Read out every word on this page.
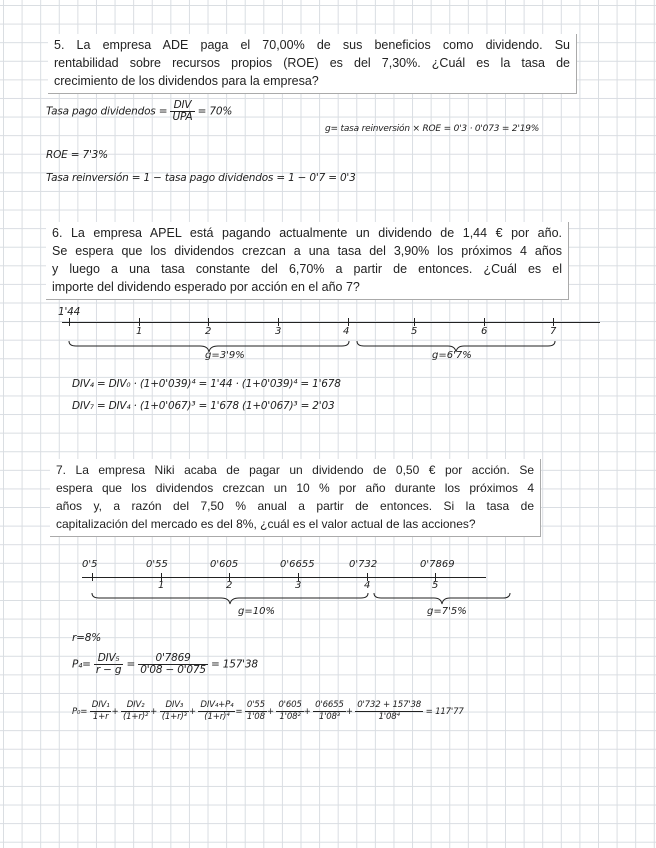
5. La empresa ADE paga el 70,00% de sus beneficios como dividendo. Su
rentabilidad sobre recursos propios (ROE) es del 7,30%. ¿Cuál es la tasa de
crecimiento de los dividendos para la empresa?
Tasa pago dividendos = $\frac{\text{DIV}}{\text{UPA}} = 70\%$
g= tasa reinversión × ROE = 0'3 · 0'073 = 2'19%
ROE = 7'3%
Tasa reinversión = 1 − tasa pago dividendos = 1 − 0'7 = 0'3
6. La empresa APEL está pagando actualmente un dividendo de 1,44 € por año.
Se espera que los dividendos crezcan a una tasa del 3,90% los próximos 4 años
y luego a una tasa constante del 6,70% a partir de entonces. ¿Cuál es el
importe del dividendo esperado por acción en el año 7?
1'44
1	2	3	4	5	6	7
g=3'9%	g=6'7%
DIV₄ = DIV₀ · (1+0'039)⁴ = 1'44 · (1+0'039)⁴ = 1'678
DIV₇ = DIV₄ · (1+0'067)³ = 1'678 (1+0'067)³ = 2'03
7. La empresa Niki acaba de pagar un dividendo de 0,50 € por acción. Se
espera que los dividendos crezcan un 10 % por año durante los próximos 4
años y, a razón del 7,50 % anual a partir de entonces. Si la tasa de
capitalización del mercado es del 8%, ¿cuál es el valor actual de las acciones?
0'5	0'55	0'605	0'6655	0'732	0'7869
1	2	3	4	5
g=10%	g=7'5%
r=8%
$P_4= \frac{\text{DIV₅}}{r - g} = \frac{0'7869}{0'08 - 0'075} = 157'38$
$P_0= \frac{\text{DIV₁}}{1+r} + \frac{\text{DIV₂}}{\text{(1+r)²}} + \frac{\text{DIV₃}}{\text{(1+r)³}} + \frac{\text{DIV₄+P₄}}{\text{(1+r)⁴}} = \frac{0'55}{1'08} + \frac{0'605}{\text{1'08²}} + \frac{0'6655}{\text{1'08³}} + \frac{0'732 + 157'38}{\text{1'08⁴}} = 117'77$
